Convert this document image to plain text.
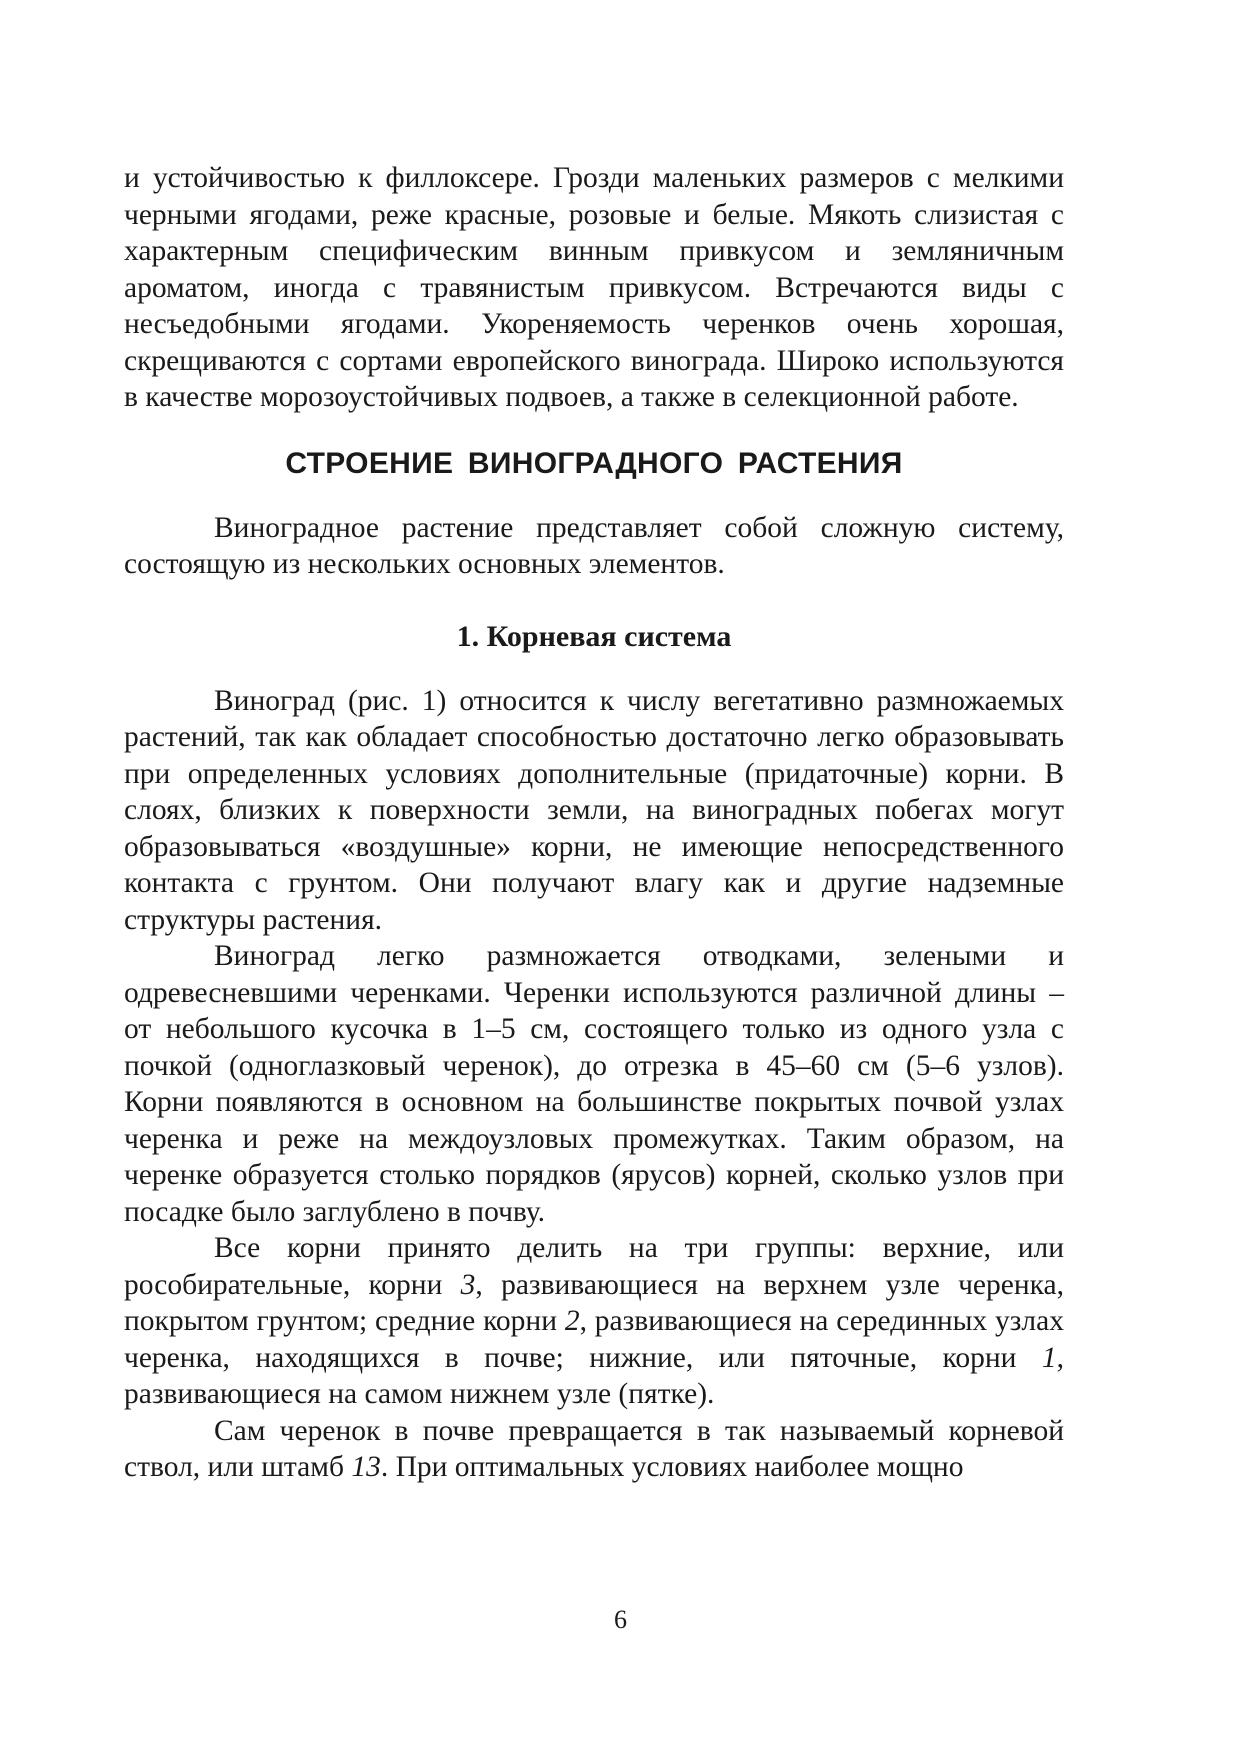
и устойчивостью к филлоксере. Грозди маленьких размеров с мелкими черными ягодами, реже красные, розовые и белые. Мякоть слизистая с характерным специфическим винным привкусом и земляничным ароматом, иногда с травянистым привкусом. Встречаются виды с несъедобными ягодами. Укореняемость черенков очень хорошая, скрещиваются с сортами европейского винограда. Широко используются в качестве морозоустойчивых подвоев, а также в селекционной работе.

СТРОЕНИЕ ВИНОГРАДНОГО РАСТЕНИЯ

Виноградное растение представляет собой сложную систему, состоящую из нескольких основных элементов.

1. Корневая система

Виноград (рис. 1) относится к числу вегетативно размножаемых растений, так как обладает способностью достаточно легко образовывать при определенных условиях дополнительные (придаточные) корни. В слоях, близких к поверхности земли, на виноградных побегах могут образовываться «воздушные» корни, не имеющие непосредственного контакта с грунтом. Они получают влагу как и другие надземные структуры растения.

Виноград легко размножается отводками, зелеными и одревесневшими черенками. Черенки используются различной длины – от небольшого кусочка в 1–5 см, состоящего только из одного узла с почкой (одноглазковый черенок), до отрезка в 45–60 см (5–6 узлов). Корни появляются в основном на большинстве покрытых почвой узлах черенка и реже на междоузловых промежутках. Таким образом, на черенке образуется столько порядков (ярусов) корней, сколько узлов при посадке было заглублено в почву.

Все корни принято делить на три группы: верхние, или рособирательные, корни 3, развивающиеся на верхнем узле черенка, покрытом грунтом; средние корни 2, развивающиеся на серединных узлах черенка, находящихся в почве; нижние, или пяточные, корни 1, развивающиеся на самом нижнем узле (пятке).

Сам черенок в почве превращается в так называемый корневой ствол, или штамб 13. При оптимальных условиях наиболее мощно

6
